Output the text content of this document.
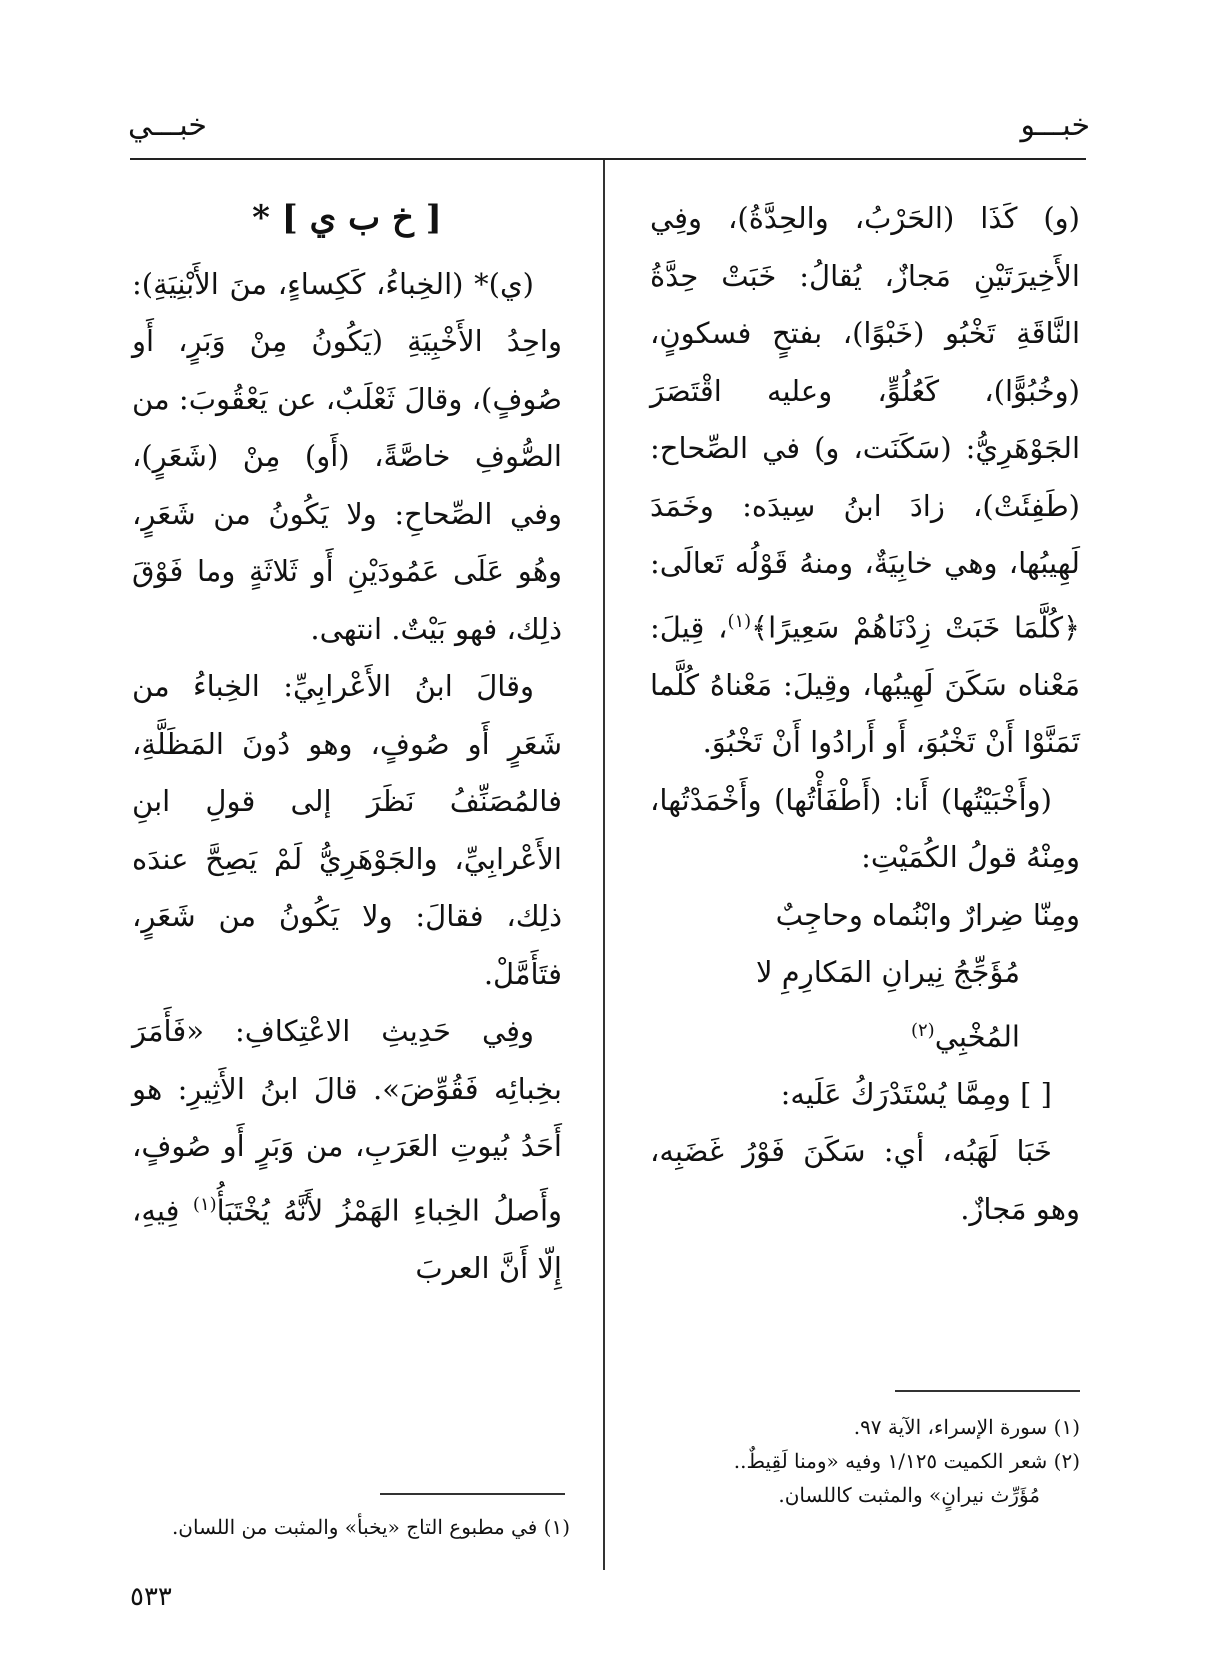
خبـــو
خبـــي

(و) كَذَا (الحَرْبُ، والحِدَّةُ)، وفِي الأَخِيرَتَيْنِ مَجازٌ، يُقالُ: خَبَتْ حِدَّةُ النَّاقَةِ تَخْبُو (خَبْوًا)، بفتحٍ فسكونٍ، (وخُبُوًّا)، كَعُلُوٍّ، وعليه اقْتَصَرَ الجَوْهَرِيُّ: (سَكَنَت، و) في الصِّحاح: (طَفِئَتْ)، زادَ ابنُ سِيدَه: وخَمَدَ لَهِيبُها، وهي خابِيَةٌ، ومنهُ قَوْلُه تَعالَى: ﴿كُلَّمَا خَبَتْ زِدْنَاهُمْ سَعِيرًا﴾$^{(١)}$، قِيلَ: مَعْناه سَكَنَ لَهِيبُها، وقِيلَ: مَعْناهُ كُلَّما تَمَنَّوْا أَنْ تَخْبُوَ، أَو أَرادُوا أَنْ تَخْبُوَ.

(وأَخْبَيْتُها) أَنا: (أَطْفَأْتُها) وأَخْمَدْتُها، ومِنْهُ قولُ الكُمَيْتِ:

ومِنّا ضِرارٌ وابْنُماه وحاجِبٌ

مُؤَجِّجُ نِيرانِ المَكارِمِ لا المُخْبِي$^{(٢)}$

[ ] ومِمَّا يُسْتَدْرَكُ عَلَيه:

خَبَا لَهَبُه، أي: سَكَنَ فَوْرُ غَضَبِه، وهو مَجازٌ.

(١) سورة الإسراء، الآية ٩٧.

(٢) شعر الكميت ١/١٢٥ وفيه «ومنا لَقِيطٌ..

مُؤَرِّث نيرانٍ» والمثبت كاللسان.

[ خ ب ي ] *

(ي)* (الخِباءُ، كَكِساءٍ، منَ الأَبْنِيَةِ): واحِدُ الأَخْبِيَةِ (يَكُونُ مِنْ وَبَرٍ، أَو صُوفٍ)، وقالَ ثَعْلَبٌ، عن يَعْقُوبَ: من الصُّوفِ خاصَّةً، (أَو) مِنْ (شَعَرٍ)، وفي الصِّحاحِ: ولا يَكُونُ من شَعَرٍ، وهُو عَلَى عَمُودَيْنِ أَو ثَلاثَةٍ وما فَوْقَ ذلِك، فهو بَيْتٌ. انتهى.

وقالَ ابنُ الأَعْرابِيِّ: الخِباءُ من شَعَرٍ أَو صُوفٍ، وهو دُونَ المَظَلَّةِ، فالمُصَنِّفُ نَظَرَ إلى قولِ ابنِ الأَعْرابِيِّ، والجَوْهَرِيُّ لَمْ يَصِحَّ عندَه ذلِك، فقالَ: ولا يَكُونُ من شَعَرٍ، فتَأَمَّلْ.

وفِي حَدِيثِ الاعْتِكافِ: «فَأَمَرَ بخِبائِه فَقُوِّضَ». قالَ ابنُ الأَثِيرِ: هو أَحَدُ بُيوتِ العَرَبِ، من وَبَرٍ أَو صُوفٍ، وأَصلُ الخِباءِ الهَمْزُ لأَنَّهُ يُخْتَبَأُ$^{(١)}$ فِيهِ، إِلّا أَنَّ العربَ

(١) في مطبوع التاج «يخبأ» والمثبت من اللسان.

٥٣٣
